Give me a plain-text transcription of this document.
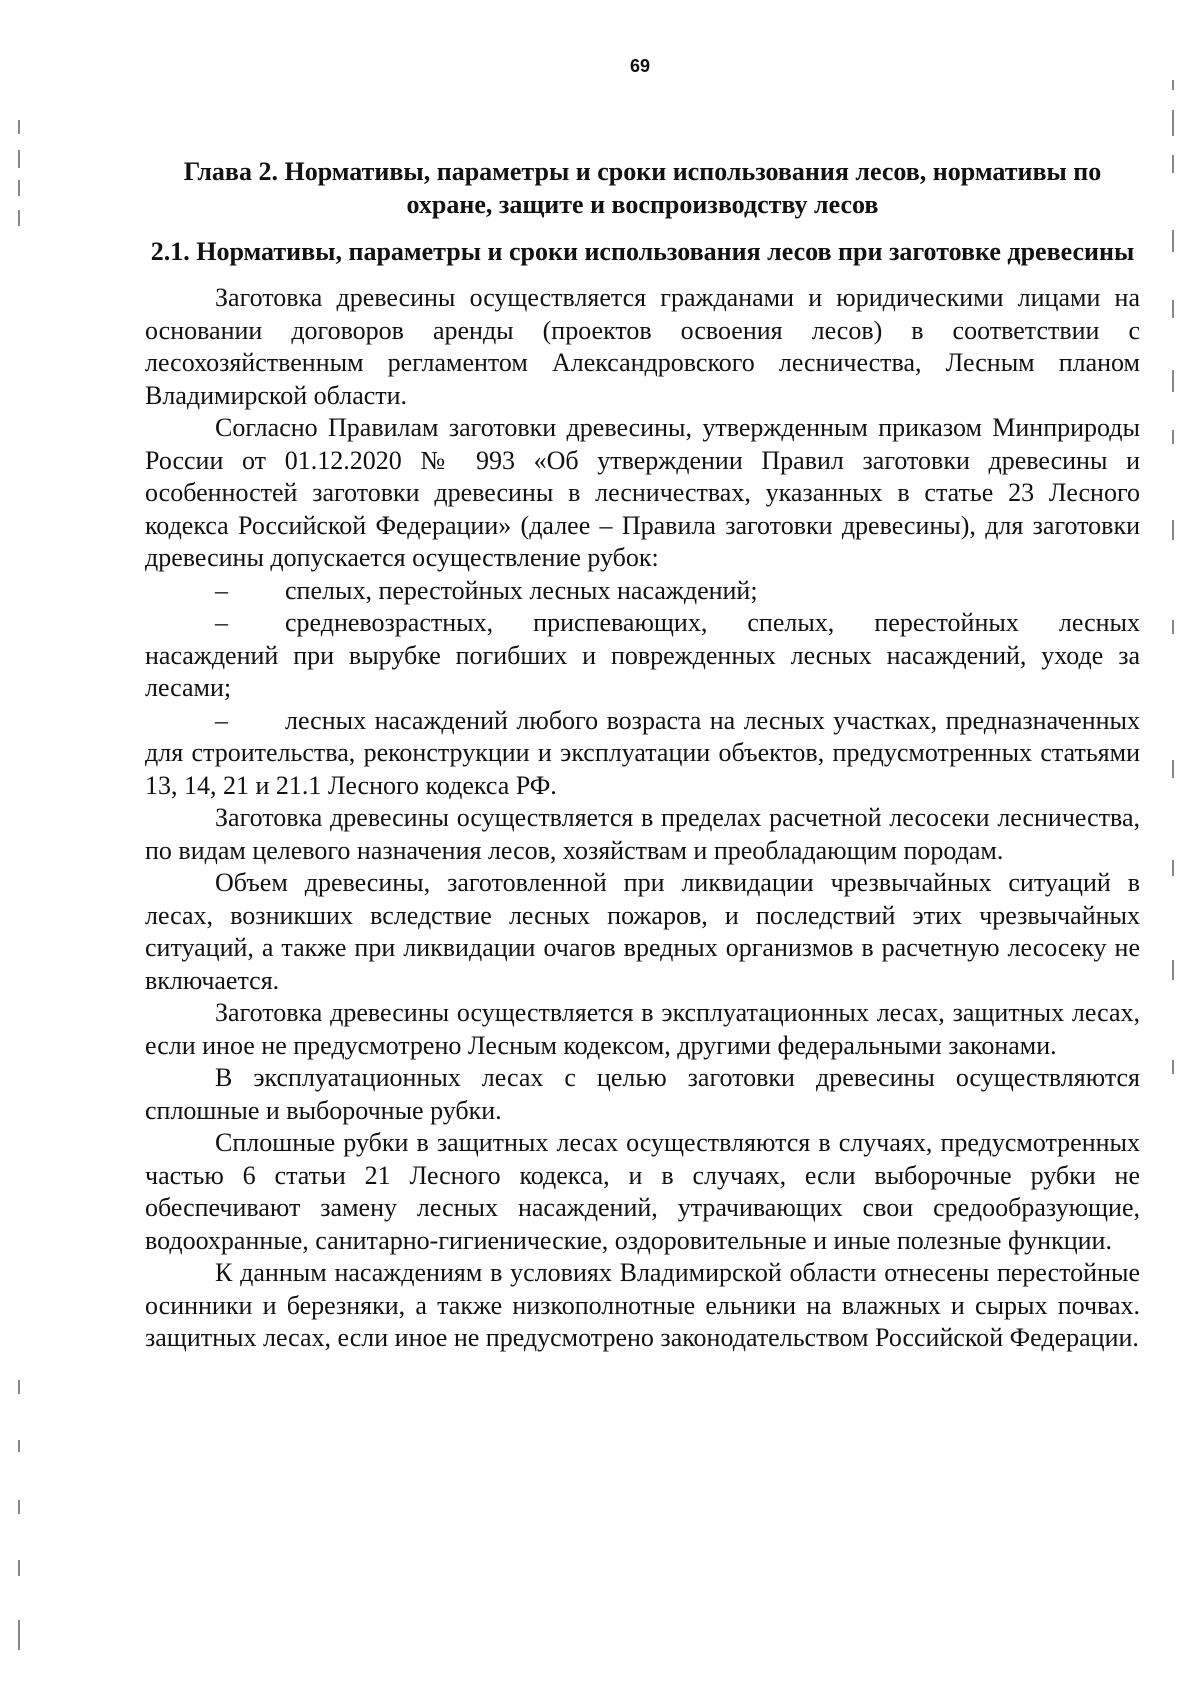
69
Глава 2. Нормативы, параметры и сроки использования лесов, нормативы по охране, защите и воспроизводству лесов
2.1. Нормативы, параметры и сроки использования лесов при заготовке древесины

Заготовка древесины осуществляется гражданами и юридическими лицами на основании договоров аренды (проектов освоения лесов) в соответствии с лесохозяйственным регламентом Александровского лесничества, Лесным планом Владимирской области.

Согласно Правилам заготовки древесины, утвержденным приказом Минприроды России от 01.12.2020 № 993 «Об утверждении Правил заготовки древесины и особенностей заготовки древесины в лесничествах, указанных в статье 23 Лесного кодекса Российской Федерации» (далее – Правила заготовки древесины), для заготовки древесины допускается осуществление рубок:

–	спелых, перестойных лесных насаждений;
– средневозрастных, приспевающих, спелых, перестойных лесных насаждений при вырубке погибших и поврежденных лесных насаждений, уходе за лесами;
– лесных насаждений любого возраста на лесных участках, предназначенных для строительства, реконструкции и эксплуатации объектов, предусмотренных статьями 13, 14, 21 и 21.1 Лесного кодекса РФ.

Заготовка древесины осуществляется в пределах расчетной лесосеки лесничества, по видам целевого назначения лесов, хозяйствам и преобладающим породам.

Объем древесины, заготовленной при ликвидации чрезвычайных ситуаций в лесах, возникших вследствие лесных пожаров, и последствий этих чрезвычайных ситуаций, а также при ликвидации очагов вредных организмов в расчетную лесосеку не включается.

Заготовка древесины осуществляется в эксплуатационных лесах, защитных лесах, если иное не предусмотрено Лесным кодексом, другими федеральными законами.

В эксплуатационных лесах с целью заготовки древесины осуществляются сплошные и выборочные рубки.

Сплошные рубки в защитных лесах осуществляются в случаях, предусмотренных частью 6 статьи 21 Лесного кодекса, и в случаях, если выборочные рубки не обеспечивают замену лесных насаждений, утрачивающих свои средообразующие, водоохранные, санитарно-гигиенические, оздоровительные и иные полезные функции.

К данным насаждениям в условиях Владимирской области отнесены перестойные осинники и березняки, а также низкополнотные ельники на влажных и сырых почвах. защитных лесах, если иное не предусмотрено законодательством Российской Федерации.
